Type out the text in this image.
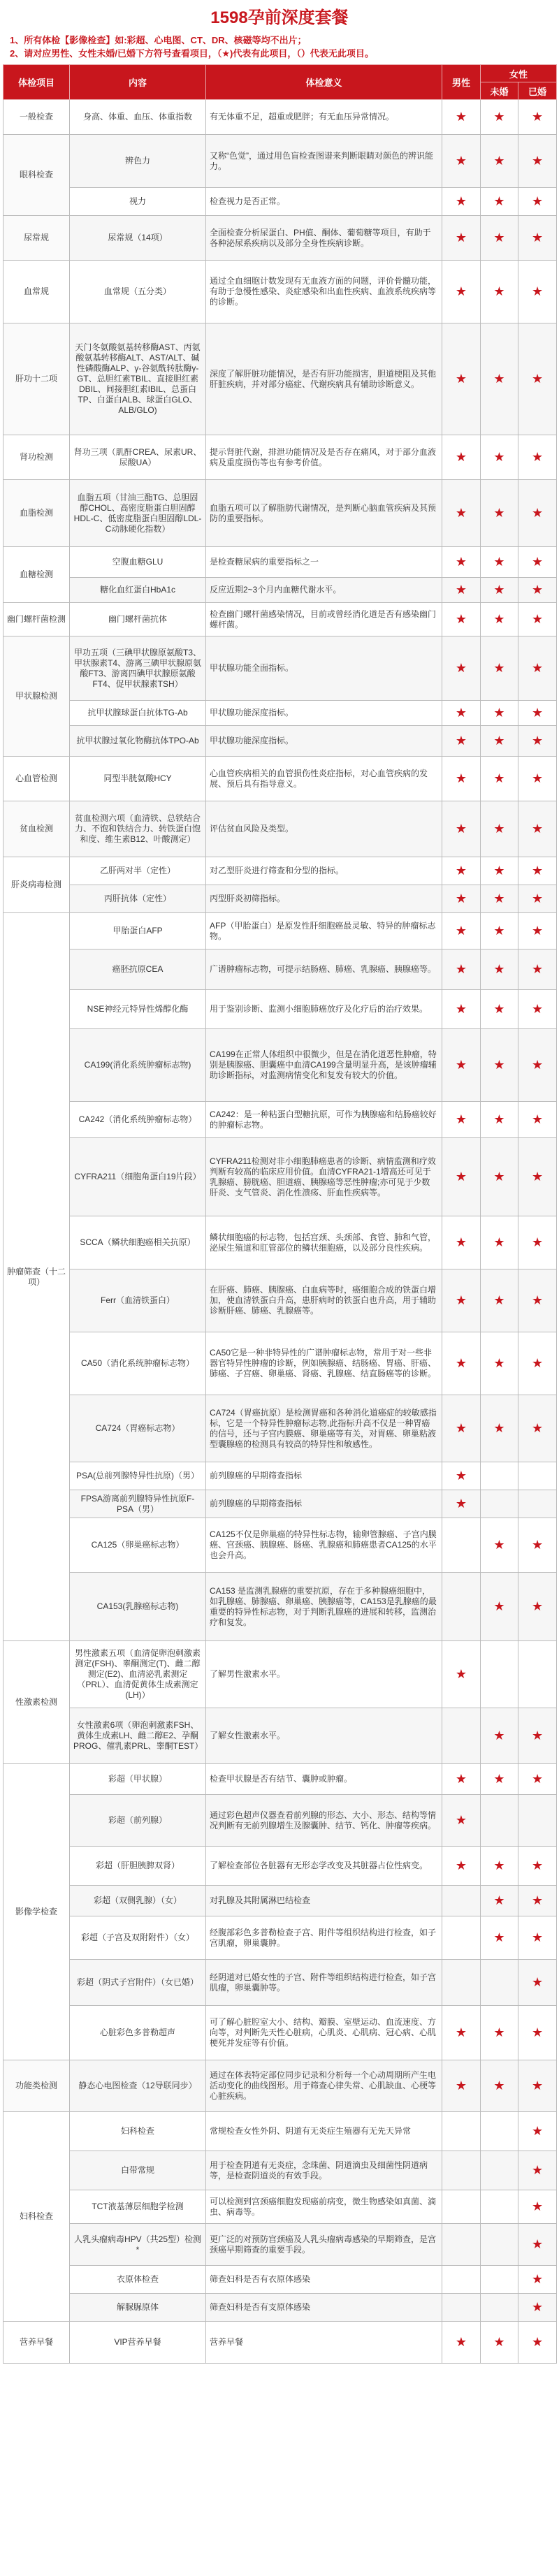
1598孕前深度套餐
1、所有体检【影像检查】如:彩超、心电图、CT、DR、核磁等均不出片；
2、请对应男性、女性未婚/已婚下方符号查看项目，（★)代表有此项目，（）代表无此项目。
体检项目	内容	体检意义	男性	女性	
				未婚	已婚
一般检查	身高、体重、血压、体重指数	有无体重不足，超重或肥胖；有无血压异常情况。	★	★	★
眼科检查	辨色力	又称“色觉”，通过用色盲检查图谱来判断眼睛对颜色的辨识能力。	★	★	★
	视力	检查视力是否正常。	★	★	★
尿常规	尿常规（14项）	全面检查分析尿蛋白、PH值、酮体、葡萄糖等项目，有助于各种泌尿系疾病以及部分全身性疾病诊断。	★	★	★
血常规	血常规（五分类）	通过全血细胞计数发现有无血液方面的问题，评价骨髓功能，有助于急慢性感染、炎症感染和出血性疾病、血液系统疾病等的诊断。	★	★	★
肝功十二项	天门冬氨酸氨基转移酶AST、丙氨酸氨基转移酶ALT、AST/ALT、碱性磷酸酶ALP、γ-谷氨酰转肽酶γ-GT、总胆红素TBIL、直接胆红素DBIL、间接胆红素IBIL、总蛋白TP、白蛋白ALB、球蛋白GLO、ALB/GLO)	深度了解肝脏功能情况，是否有肝功能损害，胆道梗阻及其他肝脏疾病，并对部分癌症、代谢疾病具有辅助诊断意义。	★	★	★
肾功检测	肾功三项（肌酐CREA、尿素UR、尿酸UA）	提示肾脏代谢，排泄功能情况及是否存在痛风，对于部分血液病及重度损伤等也有参考价值。	★	★	★
血脂检测	血脂五项（甘油三酯TG、总胆固醇CHOL、高密度脂蛋白胆固醇HDL-C、低密度脂蛋白胆固醇LDL-C动脉硬化指数）	血脂五项可以了解脂肪代谢情况，是判断心脑血管疾病及其预防的重要指标。	★	★	★
血糖检测	空腹血糖GLU	是检查糖尿病的重要指标之一	★	★	★
	糖化血红蛋白HbA1c	反应近期2~3个月内血糖代谢水平。	★	★	★
幽门螺杆菌检测	幽门螺杆菌抗体	检查幽门螺杆菌感染情况，目前或曾经消化道是否有感染幽门螺杆菌。	★	★	★
甲状腺检测	甲功五项（三碘甲状腺原氨酸T3、甲状腺素T4、游离三碘甲状腺原氨酸FT3、游离四碘甲状腺原氨酸FT4、促甲状腺素TSH）	甲状腺功能全面指标。	★	★	★
	抗甲状腺球蛋白抗体TG-Ab	甲状腺功能深度指标。	★	★	★
	抗甲状腺过氧化物酶抗体TPO-Ab	甲状腺功能深度指标。	★	★	★
心血管检测	同型半胱氨酸HCY	心血管疾病相关的血管损伤性炎症指标，对心血管疾病的发展、预后具有指导意义。	★	★	★
贫血检测	贫血检测六项（血清铁、总铁结合力、不饱和铁结合力、转铁蛋白饱和度、维生素B12、叶酸测定）	评估贫血风险及类型。	★	★	★
肝炎病毒检测	乙肝两对半（定性）	对乙型肝炎进行筛查和分型的指标。	★	★	★
	丙肝抗体（定性）	丙型肝炎初筛指标。	★	★	★
肿瘤筛查（十二项）	甲胎蛋白AFP	AFP（甲胎蛋白）是原发性肝细胞癌最灵敏、特异的肿瘤标志物。	★	★	★
	癌胚抗原CEA	广谱肿瘤标志物，可提示结肠癌、肺癌、乳腺癌、胰腺癌等。	★	★	★
	NSE神经元特异性烯醇化酶	用于鉴别诊断、监测小细胞肺癌放疗及化疗后的治疗效果。	★	★	★
	CA199(消化系统肿瘤标志物)	CA199在正常人体组织中很微少，但是在消化道恶性肿瘤，特别是胰腺癌、胆囊癌中血清CA199含量明显升高，是该肿瘤辅助诊断指标，对监测病情变化和复发有较大的价值。	★	★	★
	CA242（消化系统肿瘤标志物）	CA242：是一种粘蛋白型糖抗原，可作为胰腺癌和结肠癌较好的肿瘤标志物。	★	★	★
	CYFRA211（细胞角蛋白19片段）	CYFRA211检测对非小细胞肺癌患者的诊断、病情监测和疗效判断有较高的临床应用价值。血清CYFRA21-1增高还可见于乳腺癌、膀胱癌、胆道癌、胰腺癌等恶性肿瘤;亦可见于少数肝炎、支气管炎、消化性溃疡、肝血性疾病等。	★	★	★
	SCCA（鳞状细胞癌相关抗原）	鳞状细胞癌的标志物，包括宫颈、头颈部、食管、肺和气管，泌尿生殖道和肛管部位的鳞状细胞癌，以及部分良性疾病。	★	★	★
	Ferr（血清铁蛋白）	在肝癌、肺癌、胰腺癌、白血病等时，癌细胞合成的铁蛋白增加，使血清铁蛋白升高，患肝病时的铁蛋白也升高，用于辅助诊断肝癌、肺癌、乳腺癌等。	★	★	★
	CA50（消化系统肿瘤标志物）	CA50它是一种非特异性的广谱肿瘤标志物，常用于对一些非器官特异性肿瘤的诊断，例如胰腺癌、结肠癌、胃癌、肝癌、肺癌、子宫癌、卵巢癌、肾癌、乳腺癌、结直肠癌等的诊断。	★	★	★
	CA724（胃癌标志物）	CA724（胃癌抗原）是检测胃癌和各种消化道癌症的较敏感指标，它是一个特异性肿瘤标志物,此指标升高不仅是一种胃癌的信号，还与子宫内膜癌、卵巢癌等有关，对胃癌、卵巢粘液型囊腺癌的检测具有较高的特异性和敏感性。	★	★	★
	PSA(总前列腺特异性抗原)（男）	前列腺癌的早期筛查指标	★		
	FPSA游离前列腺特异性抗原F-PSA（男）	前列腺癌的早期筛查指标	★		
	CA125（卵巢癌标志物）	CA125不仅是卵巢癌的特异性标志物，输卵管腺癌、子宫内膜癌、宫颈癌、胰腺癌、肠癌、乳腺癌和肺癌患者CA125的水平也会升高。		★	★
	CA153(乳腺癌标志物)	CA153 是监测乳腺癌的重要抗原，存在于多种腺癌细胞中，如乳腺癌、肺腺癌、卵巢癌、胰腺癌等，CA153是乳腺癌的最重要的特异性标志物，对于判断乳腺癌的进展和转移，监测治疗和复发。		★	★
性激素检测	男性激素五项（血清促卵泡刺激素测定(FSH)、睾酮测定(T)、雌二醇测定(E2)、血清泌乳素测定（PRL）、血清促黄体生成素测定(LH)）	了解男性激素水平。	★		
	女性激素6项（卵泡刺激素FSH、黄体生成素LH、雌二醇E2、孕酮PROG、催乳素PRL、睾酮TEST）	了解女性激素水平。		★	★
影像学检查	彩超（甲状腺）	检查甲状腺是否有结节、囊肿或肿瘤。	★	★	★
	彩超（前列腺）	通过彩色超声仪器查看前列腺的形态、大小、形态、结构等情况判断有无前列腺增生及腺囊肿、结节、钙化、肿瘤等疾病。	★		
	彩超（肝胆胰脾双肾）	了解检查部位各脏器有无形态学改变及其脏器占位性病变。	★	★	★
	彩超（双侧乳腺）（女）	对乳腺及其附属淋巴结检查		★	★
	彩超（子宫及双附附件）（女）	经腹部彩色多普勒检查子宫、附件等组织结构进行检查，如子宫肌瘤，卵巢囊肿。		★	★
	彩超（阴式子宫附件）（女已婚）	经阴道对已婚女性的子宫、附件等组织结构进行检查，如子宫肌瘤，卵巢囊肿等。			★
	心脏彩色多普勒超声	可了解心脏腔室大小、结构、瓣膜、室壁运动、血流速度、方向等，对判断先天性心脏病，心肌炎、心肌病、冠心病、心肌梗死并发症等有价值。	★	★	★
功能类检测	静态心电图检查（12导联同步）	通过在体表特定部位同步记录和分析每一个心动周期所产生电活动变化的曲线图形。用于筛查心律失常、心肌缺血、心梗等心脏疾病。	★	★	★
妇科检查	妇科检查	常规检查女性外阴、阴道有无炎症生殖器有无先天异常			★
	白带常规	用于检查阴道有无炎症，念珠菌、阴道滴虫及细菌性阴道病等，是检查阴道炎的有效手段。			★
	TCT液基薄层细胞学检测	可以检测到宫颈癌细胞发现癌前病变，微生物感染如真菌、滴虫、病毒等。			★
	人乳头瘤病毒HPV（共25型）检测*	更广泛的对预防宫颈癌及人乳头瘤病毒感染的早期筛查，是宫颈癌早期筛查的重要手段。			★
	衣原体检查	筛查妇科是否有衣原体感染			★
	解脲脲原体	筛查妇科是否有支原体感染			★
营养早餐	VIP营养早餐	营养早餐	★	★	★
